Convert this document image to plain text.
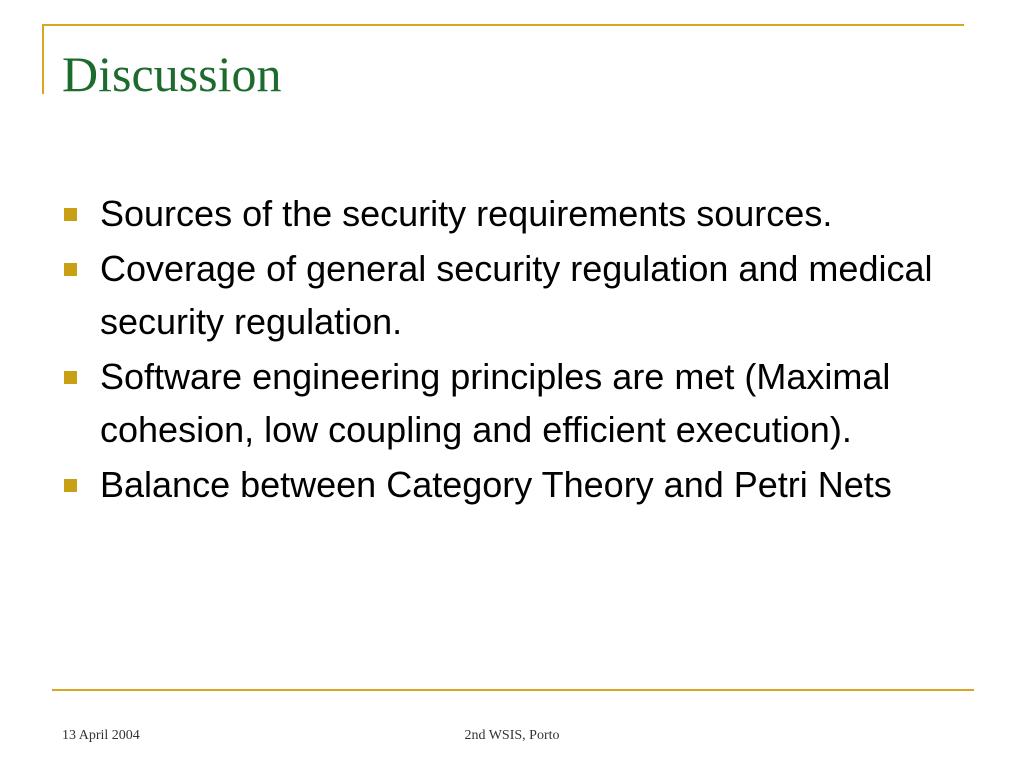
Discussion
Sources of the security requirements sources.
Coverage of general security regulation and medical security regulation.
Software engineering principles are met (Maximal cohesion, low coupling and efficient execution).
Balance between Category Theory and Petri Nets
13 April 2004	2nd WSIS, Porto
